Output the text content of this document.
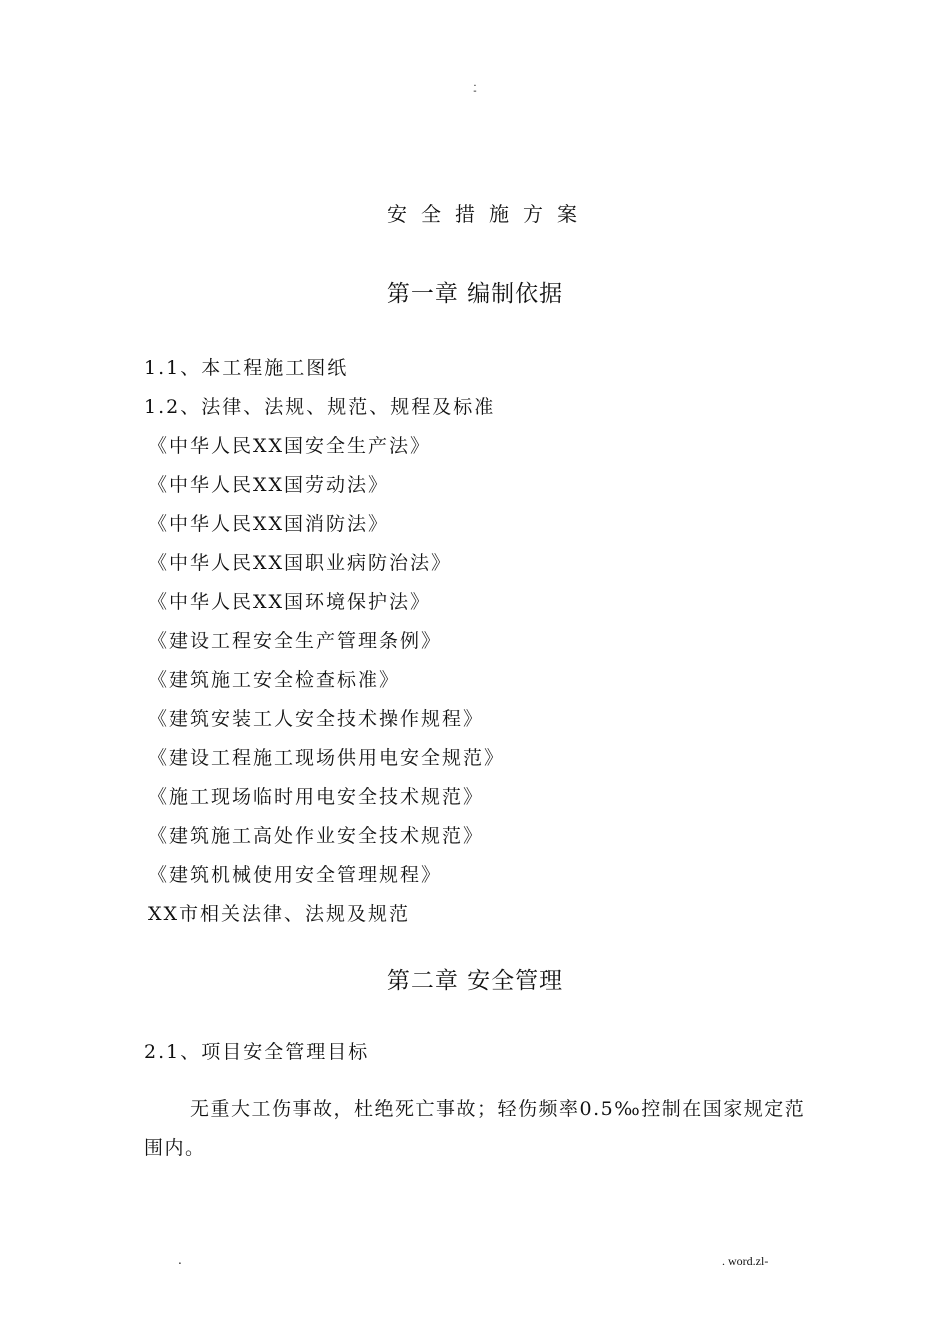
.
-
安全措施方案
第一章 编制依据
1.1、本工程施工图纸
1.2、法律、法规、规范、规程及标准
《中华人民XX国安全生产法》
《中华人民XX国劳动法》
《中华人民XX国消防法》
《中华人民XX国职业病防治法》
《中华人民XX国环境保护法》
《建设工程安全生产管理条例》
《建筑施工安全检查标准》
《建筑安装工人安全技术操作规程》
《建设工程施工现场供用电安全规范》
《施工现场临时用电安全技术规范》
《建筑施工高处作业安全技术规范》
《建筑机械使用安全管理规程》
XX市相关法律、法规及规范
第二章 安全管理
2.1、项目安全管理目标
无重大工伤事故，杜绝死亡事故；轻伤频率0.5‰控制在国家规定范围内。
.	. word.zl-
